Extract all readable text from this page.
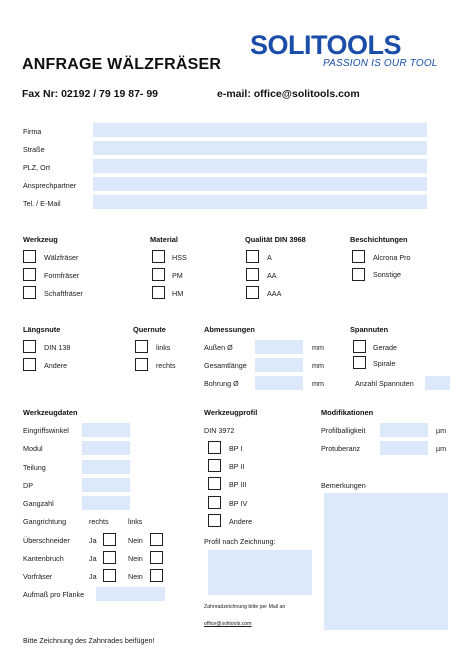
SOLITOOLS
PASSION IS OUR TOOL
ANFRAGE WÄLZFRÄSER
Fax Nr: 02192 / 79 19 87- 99	e-mail: office@solitools.com
Firma
Straße
PLZ, Ort
Ansprechpartner
Tel. / E-Mail
Werkzeug
Wälzfräser
Formfräser
Schaftfräser
Material
HSS
PM
HM
Qualität DIN 3968
A
AA
AAA
Beschichtungen
Alcrona Pro
Sonstige
Längsnute
DIN 138
Andere
Quernute
links
rechts
Abmessungen
Außen Ø	mm
Gesamtlänge	mm
Bohrung Ø	mm
Spannuten
Gerade
Spirale
Anzahl Spannuten
Werkzeugdaten
Eingriffswinkel
Modul
Teilung
DP
Gangzahl
Gangrichtung	rechts	links
Überschneider	Ja	Nein
Kantenbruch	Ja	Nein
Vorfräser	Ja	Nein
Aufmaß pro Flanke
Werkzeugprofil
DIN 3972
BP I
BP II
BP III
BP IV
Andere
Profil nach Zeichnung:
Zahnradzeichnung bitte per Mail an
office@solitools.com
Modifikationen
Profilballigkeit	µm
Protuberanz	µm
Bemerkungen
Bitte Zeichnung des Zahnrades beifügen!
